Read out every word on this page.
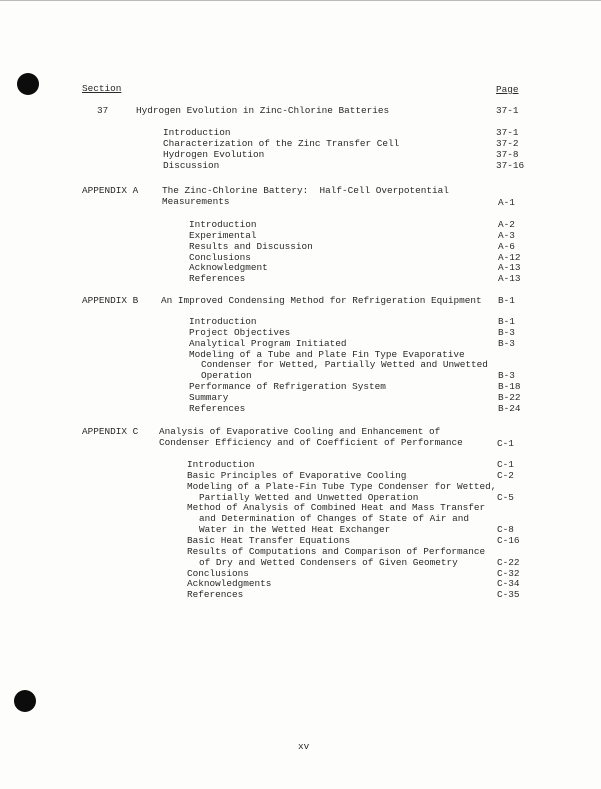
Section	Page
37	Hydrogen Evolution in Zinc-Chlorine Batteries	37-1
Introduction	37-1
Characterization of the Zinc Transfer Cell	37-2
Hydrogen Evolution	37-8
Discussion	37-16
APPENDIX A	The Zinc-Chlorine Battery:  Half-Cell Overpotential
Measurements	A-1
Introduction	A-2
Experimental	A-3
Results and Discussion	A-6
Conclusions	A-12
Acknowledgment	A-13
References	A-13
APPENDIX B An Improved Condensing Method for Refrigeration Equipment B-1
Introduction	B-1
Project Objectives	B-3
Analytical Program Initiated	B-3
Modeling of a Tube and Plate Fin Type Evaporative
Condenser for Wetted, Partially Wetted and Unwetted
Operation	B-3
Performance of Refrigeration System	B-18
Summary	B-22
References	B-24
APPENDIX C Analysis of Evaporative Cooling and Enhancement of
Condenser Efficiency and of Coefficient of Performance	C-1
Introduction	C-1
Basic Principles of Evaporative Cooling	C-2
Modeling of a Plate-Fin Tube Type Condenser for Wetted,
Partially Wetted and Unwetted Operation	C-5
Method of Analysis of Combined Heat and Mass Transfer
and Determination of Changes of State of Air and
Water in the Wetted Heat Exchanger	C-8
Basic Heat Transfer Equations	C-16
Results of Computations and Comparison of Performance
of Dry and Wetted Condensers of Given Geometry	C-22
Conclusions	C-32
Acknowledgments	C-34
References	C-35
xv
